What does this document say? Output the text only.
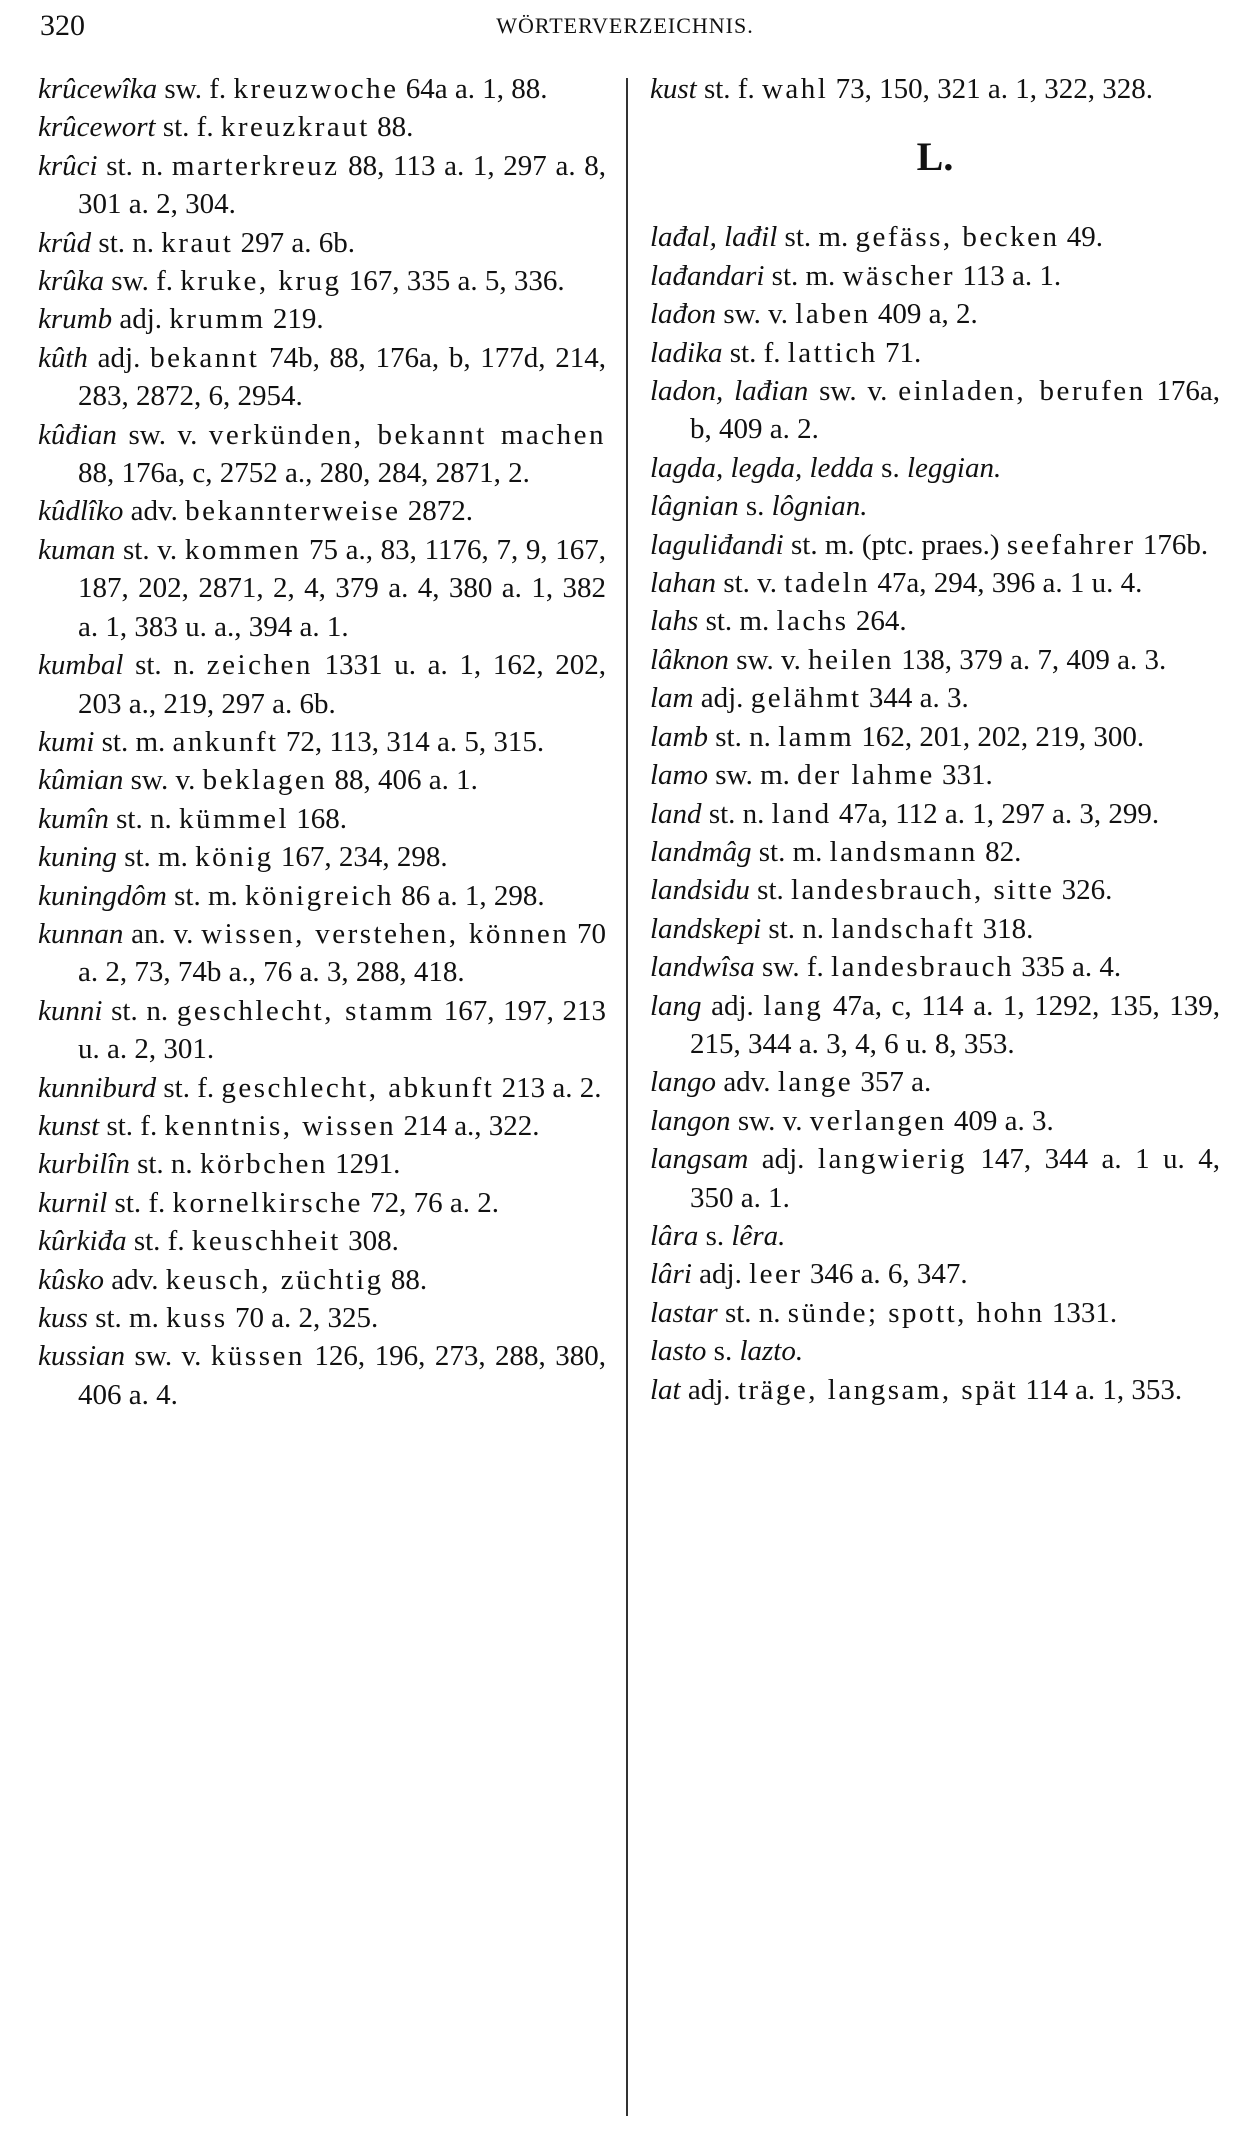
320	WÖRTERVERZEICHNIS.

krûcewîka sw. f. kreuzwoche 64a a. 1, 88.

krûcewort st. f. kreuzkraut 88.

krûci st. n. marterkreuz 88, 113 a. 1, 297 a. 8, 301 a. 2, 304.

krûd st. n. kraut 297 a. 6b.

krûka sw. f. kruke, krug 167, 335 a. 5, 336.

krumb adj. krumm 219.

kûth adj. bekannt 74b, 88, 176a, b, 177d, 214, 283, 2872, 6, 2954.

kûđian sw. v. verkünden, bekannt machen 88, 176a, c, 2752 a., 280, 284, 2871, 2.

kûdlîko adv. bekannterweise 2872.

kuman st. v. kommen 75 a., 83, 1176, 7, 9, 167, 187, 202, 2871, 2, 4, 379 a. 4, 380 a. 1, 382 a. 1, 383 u. a., 394 a. 1.

kumbal st. n. zeichen 1331 u. a. 1, 162, 202, 203 a., 219, 297 a. 6b.

kumi st. m. ankunft 72, 113, 314 a. 5, 315.

kûmian sw. v. beklagen 88, 406 a. 1.

kumîn st. n. kümmel 168.

kuning st. m. könig 167, 234, 298.

kuningdôm st. m. königreich 86 a. 1, 298.

kunnan an. v. wissen, verstehen, können 70 a. 2, 73, 74b a., 76 a. 3, 288, 418.

kunni st. n. geschlecht, stamm 167, 197, 213 u. a. 2, 301.

kunniburd st. f. geschlecht, abkunft 213 a. 2.

kunst st. f. kenntnis, wissen 214 a., 322.

kurbilîn st. n. körbchen 1291.

kurnil st. f. kornelkirsche 72, 76 a. 2.

kûrkiđa st. f. keuschheit 308.

kûsko adv. keusch, züchtig 88.

kuss st. m. kuss 70 a. 2, 325.

kussian sw. v. küssen 126, 196, 273, 288, 380, 406 a. 4.

kust st. f. wahl 73, 150, 321 a. 1, 322, 328.

L.

lađal, lađil st. m. gefäss, becken 49.

lađandari st. m. wäscher 113 a. 1.

lađon sw. v. laben 409 a, 2.

ladika st. f. lattich 71.

ladon, lađian sw. v. einladen, berufen 176a, b, 409 a. 2.

lagda, legda, ledda s. leggian.

lâgnian s. lôgnian.

laguliđandi st. m. (ptc. praes.) seefahrer 176b.

lahan st. v. tadeln 47a, 294, 396 a. 1 u. 4.

lahs st. m. lachs 264.

lâknon sw. v. heilen 138, 379 a. 7, 409 a. 3.

lam adj. gelähmt 344 a. 3.

lamb st. n. lamm 162, 201, 202, 219, 300.

lamo sw. m. der lahme 331.

land st. n. land 47a, 112 a. 1, 297 a. 3, 299.

landmâg st. m. landsmann 82.

landsidu st. landesbrauch, sitte 326.

landskepi st. n. landschaft 318.

landwîsa sw. f. landesbrauch 335 a. 4.

lang adj. lang 47a, c, 114 a. 1, 1292, 135, 139, 215, 344 a. 3, 4, 6 u. 8, 353.

lango adv. lange 357 a.

langon sw. v. verlangen 409 a. 3.

langsam adj. langwierig 147, 344 a. 1 u. 4, 350 a. 1.

lâra s. lêra.

lâri adj. leer 346 a. 6, 347.

lastar st. n. sünde; spott, hohn 1331.

lasto s. lazto.

lat adj. träge, langsam, spät 114 a. 1, 353.
